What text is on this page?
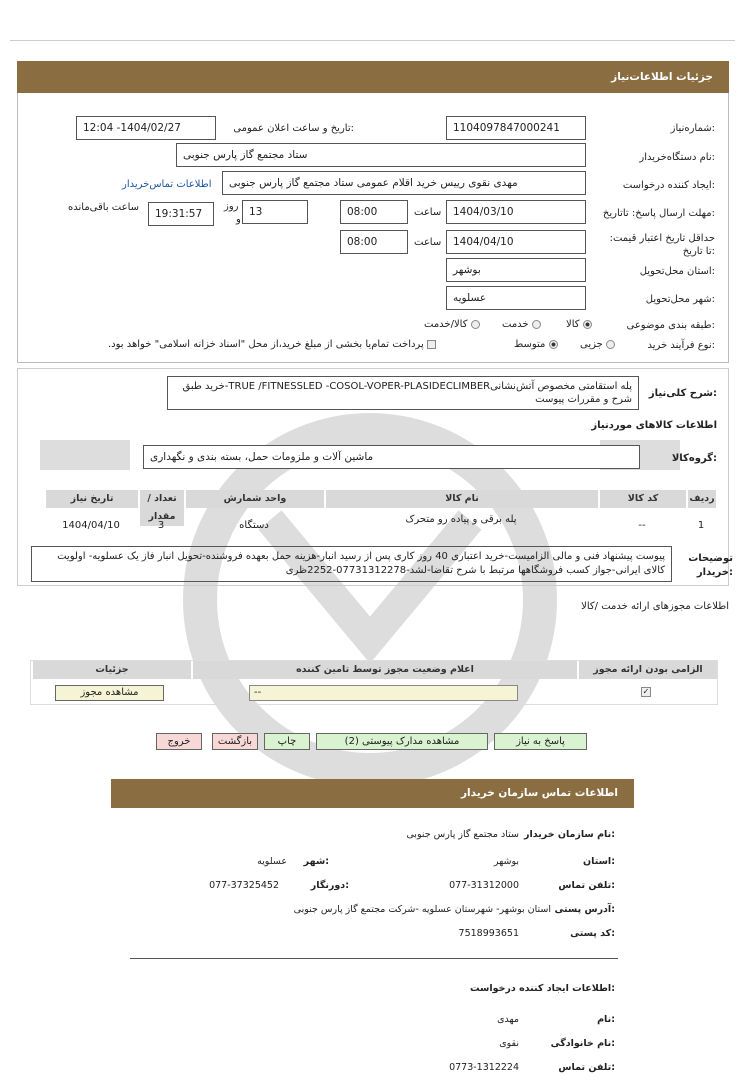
جزئیات اطلاعات‌نیاز
شماره‌نیاز:
1104097847000241
تاریخ و ساعت اعلان عمومی:
1404/02/27- 12:04
نام دستگاه‌خریدار:
ستاد مجتمع گاز پارس جنوبی
ایجاد کننده درخواست:
مهدی نقوی رییس خرید اقلام عمومی ستاد مجتمع گاز پارس جنوبی
اطلاعات تماس‌خریدار
مهلت ارسال پاسخ: تاتاریخ:
1404/03/10
ساعت
08:00
13
روز
و
19:31:57
ساعت باقی‌مانده
حداقل تاریخ اعتبار قیمت: تا تاریخ:
1404/04/10
ساعت
08:00
استان محل‌تحویل:
بوشهر
شهر محل‌تحویل:
عسلویه
طبقه بندی موضوعی:
کالا
خدمت
کالا/خدمت
نوع فرآیند خرید:
جزیی
متوسط
پرداخت تمام‌یا بخشی از مبلغ خرید،از محل "اسناد خزانه اسلامی" خواهد بود.
شرح کلی‌نیاز:
پله استقامتی مخصوص آتش‌نشانی‌TRUE /FITNESSLED -COSOL-VOPER-PLASIDECLIMBER-خرید طبق شرح و مقررات پیوست
اطلاعات کالاهای موردنیاز
گروه‌کالا:
ماشین آلات و ملزومات حمل، بسته بندی و نگهداری
ردیف
کد کالا
نام کالا
واحد شمارش
تعداد / مقدار
تاریخ نیاز
1
--
پله برقی و پیاده رو متحرک
دستگاه
3
1404/04/10
توضیحات خریدار:
پیوست پیشنهاد فنی و مالی الزامیست-خرید اعتباری 40 روز کاری پس از رسید انبار-هزینه حمل بعهده فروشنده-تحویل انبار فاز یک عسلویه- اولویت کالای ایرانی-جواز کسب فروشگاهها مرتبط با شرح تقاضا-لشد-07731312278-2252ظری
اطلاعات مجوزهای ارائه خدمت /کالا
الزامی بودن ارائه مجوز
اعلام وضعیت مجوز توسط تامین کننده
جزئیات
✓
--
مشاهده مجوز
پاسخ به نیاز
مشاهده مدارک پیوستی (2)
چاپ
بازگشت
خروج
اطلاعات تماس سازمان خریدار
نام سازمان خریدار:
ستاد مجتمع گاز پارس جنوبی
استان:
بوشهر
شهر:
عسلویه
تلفن تماس:
077-31312000
دورنگار:
077-37325452
آدرس پستی:
استان بوشهر- شهرستان عسلویه -شرکت مجتمع گاز پارس جنوبی
کد پستی:
7518993651
اطلاعات ایجاد کننده درخواست:
نام:
مهدی
نام خانوادگی:
نقوی
تلفن تماس:
0773-1312224
